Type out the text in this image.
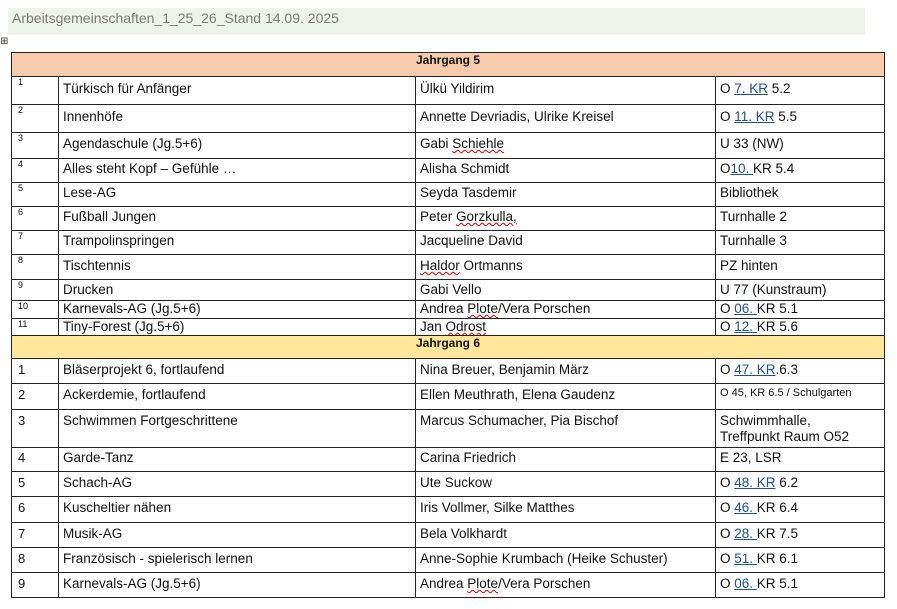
Arbeitsgemeinschaften_1_25_26_Stand 14.09. 2025
⊞
Jahrgang 5			
1	Türkisch für Anfänger	Ülkü Yildirim	O 7. KR 5.2
2	Innenhöfe	Annette Devriadis, Ulrike Kreisel	O 11. KR 5.5
3	Agendaschule (Jg.5+6)	Gabi Schiehle	U 33 (NW)
4	Alles steht Kopf – Gefühle …	Alisha Schmidt	O10. KR 5.4
5	Lese-AG	Seyda Tasdemir	Bibliothek
6	Fußball Jungen	Peter Gorzkulla,	Turnhalle 2
7	Trampolinspringen	Jacqueline David	Turnhalle 3
8	Tischtennis	Haldor Ortmanns	PZ hinten
9	Drucken	Gabi Vello	U 77 (Kunstraum)
10	Karnevals-AG (Jg.5+6)	Andrea Plote/Vera Porschen	O 06. KR 5.1
11	Tiny-Forest (Jg.5+6)	Jan Odrost	O 12. KR 5.6
Jahrgang 6			
1	Bläserprojekt 6, fortlaufend	Nina Breuer, Benjamin März	O 47. KR.6.3
2	Ackerdemie, fortlaufend	Ellen Meuthrath, Elena Gaudenz	O 45, KR 6.5 / Schulgarten
3	Schwimmen Fortgeschrittene	Marcus Schumacher, Pia Bischof	Schwimmhalle,
Treffpunkt Raum O52

4	Garde-Tanz	Carina Friedrich	E 23, LSR
5	Schach-AG	Ute Suckow	O 48. KR 6.2
6	Kuscheltier nähen	Iris Vollmer, Silke Matthes	O 46. KR 6.4
7	Musik-AG	Bela Volkhardt	O 28. KR 7.5
8	Französisch - spielerisch lernen	Anne-Sophie Krumbach (Heike Schuster)	O 51. KR 6.1
9	Karnevals-AG (Jg.5+6)	Andrea Plote/Vera Porschen	O 06. KR 5.1
